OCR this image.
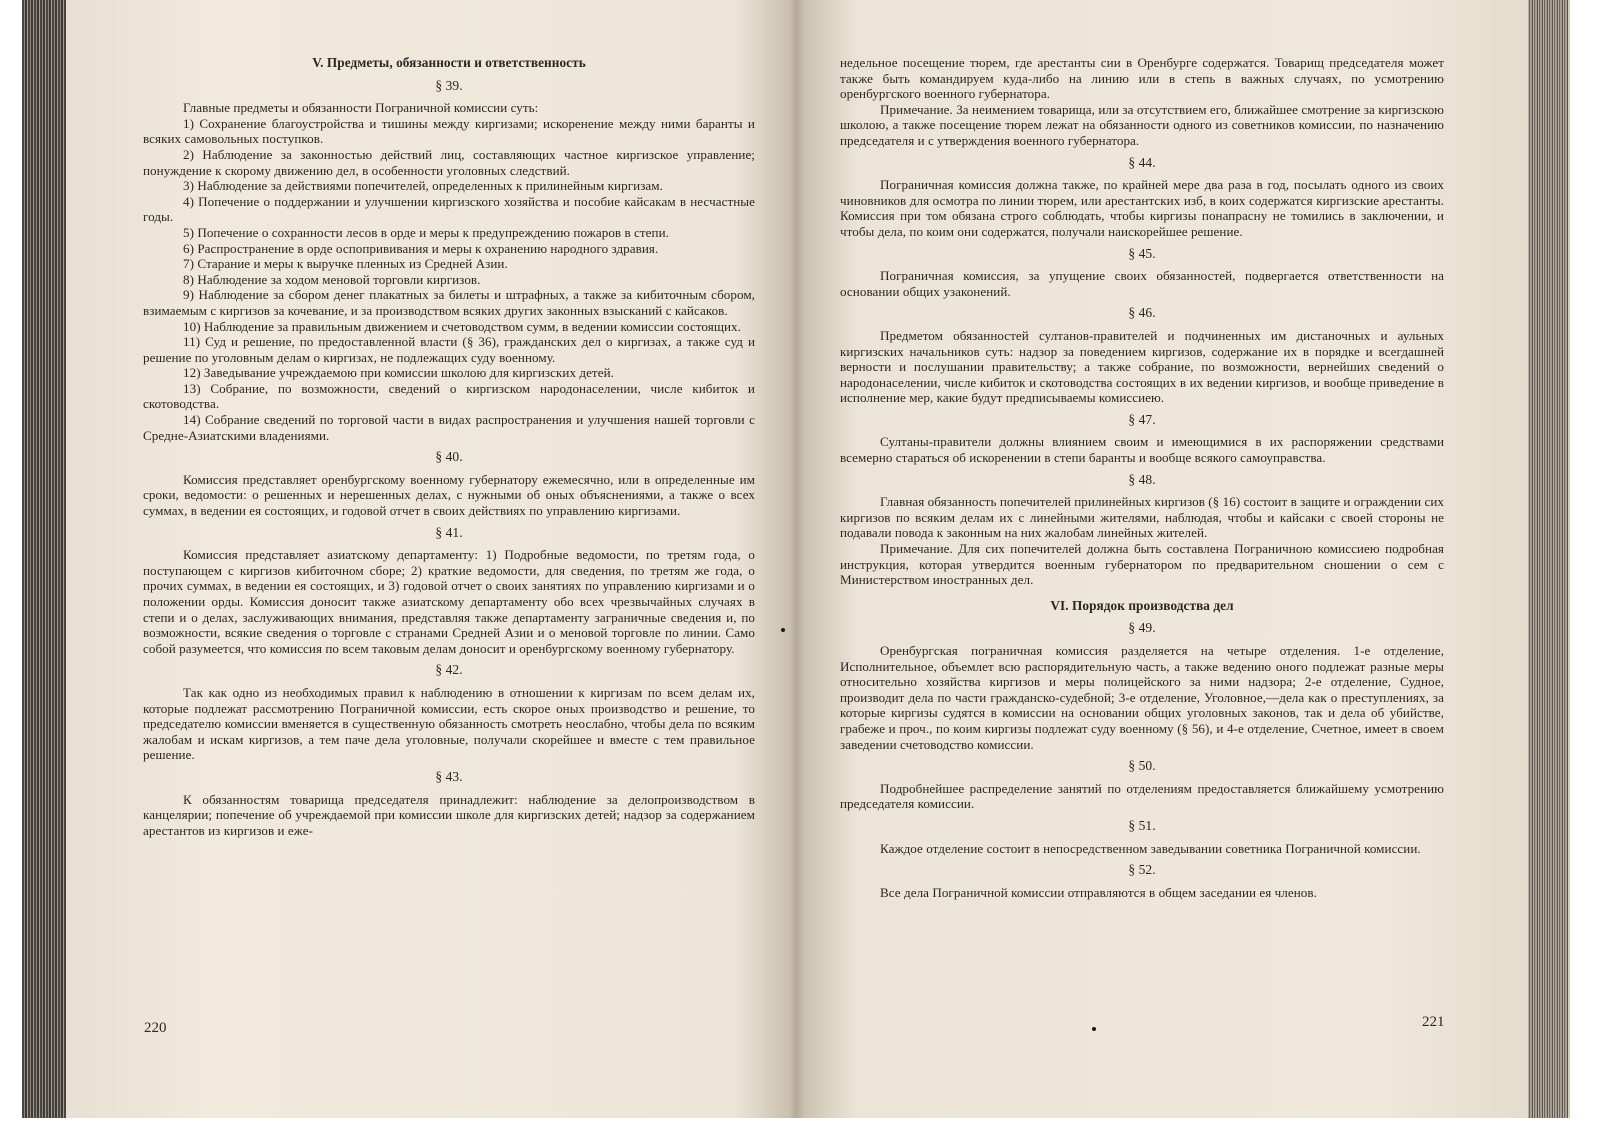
V. Предметы, обязанности и ответственность
§ 39.

Главные предметы и обязанности Пограничной комиссии суть:

1) Сохранение благоустройства и тишины между киргизами; искоренение между ними баранты и всяких самовольных поступков.

2) Наблюдение за законностью действий лиц, составляющих частное киргизское управление; понуждение к скорому движению дел, в особенности уголовных следствий.

3) Наблюдение за действиями попечителей, определенных к прилинейным киргизам.

4) Попечение о поддержании и улучшении киргизского хозяйства и пособие кайсакам в несчастные годы.

5) Попечение о сохранности лесов в орде и меры к предупреждению пожаров в степи.

6) Распространение в орде оспопрививания и меры к охранению народного здравия.

7) Старание и меры к выручке пленных из Средней Азии.

8) Наблюдение за ходом меновой торговли киргизов.

9) Наблюдение за сбором денег плакатных за билеты и штрафных, а также за кибиточным сбором, взимаемым с киргизов за кочевание, и за производством всяких других законных взысканий с кайсаков.

10) Наблюдение за правильным движением и счетоводством сумм, в ведении комиссии состоящих.

11) Суд и решение, по предоставленной власти (§ 36), гражданских дел о киргизах, а также суд и решение по уголовным делам о киргизах, не подлежащих суду военному.

12) Заведывание учреждаемою при комиссии школою для киргизских детей.

13) Собрание, по возможности, сведений о киргизском народонаселении, числе кибиток и скотоводства.

14) Собрание сведений по торговой части в видах распространения и улучшения нашей торговли с Средне-Азиатскими владениями.

§ 40.

Комиссия представляет оренбургскому военному губернатору ежемесячно, или в определенные им сроки, ведомости: о решенных и нерешенных делах, с нужными об оных объяснениями, а также о всех суммах, в ведении ея состоящих, и годовой отчет в своих действиях по управлению киргизами.

§ 41.

Комиссия представляет азиатскому департаменту: 1) Подробные ведомости, по третям года, о поступающем с киргизов кибиточном сборе; 2) краткие ведомости, для сведения, по третям же года, о прочих суммах, в ведении ея состоящих, и 3) годовой отчет о своих занятиях по управлению киргизами и о положении орды. Комиссия доносит также азиатскому департаменту обо всех чрезвычайных случаях в степи и о делах, заслуживающих внимания, представляя также департаменту заграничные сведения и, по возможности, всякие сведения о торговле с странами Средней Азии и о меновой торговле по линии. Само собой разумеется, что комиссия по всем таковым делам доносит и оренбургскому военному губернатору.

§ 42.

Так как одно из необходимых правил к наблюдению в отношении к киргизам по всем делам их, которые подлежат рассмотрению Пограничной комиссии, есть скорое оных производство и решение, то председателю комиссии вменяется в существенную обязанность смотреть неослабно, чтобы дела по всяким жалобам и искам киргизов, а тем паче дела уголовные, получали скорейшее и вместе с тем правильное решение.

§ 43.

К обязанностям товарища председателя принадлежит: наблюдение за делопроизводством в канцелярии; попечение об учреждаемой при комиссии школе для киргизских детей; надзор за содержанием арестантов из киргизов и еже-

недельное посещение тюрем, где арестанты сии в Оренбурге содержатся. Товарищ председателя может также быть командируем куда-либо на линию или в степь в важных случаях, по усмотрению оренбургского военного губернатора.

Примечание. За неимением товарища, или за отсутствием его, ближайшее смотрение за киргизскою школою, а также посещение тюрем лежат на обязанности одного из советников комиссии, по назначению председателя и с утверждения военного губернатора.

§ 44.

Пограничная комиссия должна также, по крайней мере два раза в год, посылать одного из своих чиновников для осмотра по линии тюрем, или арестантских изб, в коих содержатся киргизские арестанты. Комиссия при том обязана строго соблюдать, чтобы киргизы понапрасну не томились в заключении, и чтобы дела, по коим они содержатся, получали наискорейшее решение.

§ 45.

Пограничная комиссия, за упущение своих обязанностей, подвергается ответственности на основании общих узаконений.

§ 46.

Предметом обязанностей султанов-правителей и подчиненных им дистаночных и аульных киргизских начальников суть: надзор за поведением киргизов, содержание их в порядке и всегдашней верности и послушании правительству; а также собрание, по возможности, вернейших сведений о народонаселении, числе кибиток и скотоводства состоящих в их ведении киргизов, и вообще приведение в исполнение мер, какие будут предписываемы комиссиею.

§ 47.

Султаны-правители должны влиянием своим и имеющимися в их распоряжении средствами всемерно стараться об искоренении в степи баранты и вообще всякого самоуправства.

§ 48.

Главная обязанность попечителей прилинейных киргизов (§ 16) состоит в защите и ограждении сих киргизов по всяким делам их с линейными жителями, наблюдая, чтобы и кайсаки с своей стороны не подавали повода к законным на них жалобам линейных жителей.

Примечание. Для сих попечителей должна быть составлена Пограничною комиссиею подробная инструкция, которая утвердится военным губернатором по предварительном сношении о сем с Министерством иностранных дел.

VI. Порядок производства дел
§ 49.

Оренбургская пограничная комиссия разделяется на четыре отделения. 1-е отделение, Исполнительное, объемлет всю распорядительную часть, а также ведению оного подлежат разные меры относительно хозяйства киргизов и меры полицейского за ними надзора; 2-е отделение, Судное, производит дела по части гражданско-судебной; 3-е отделение, Уголовное,—дела как о преступлениях, за которые киргизы судятся в комиссии на основании общих уголовных законов, так и дела об убийстве, грабеже и проч., по коим киргизы подлежат суду военному (§ 56), и 4-е отделение, Счетное, имеет в своем заведении счетоводство комиссии.

§ 50.

Подробнейшее распределение занятий по отделениям предоставляется ближайшему усмотрению председателя комиссии.

§ 51.

Каждое отделение состоит в непосредственном заведывании советника Пограничной комиссии.

§ 52.

Все дела Пограничной комиссии отправляются в общем заседании ея членов.

220	221
